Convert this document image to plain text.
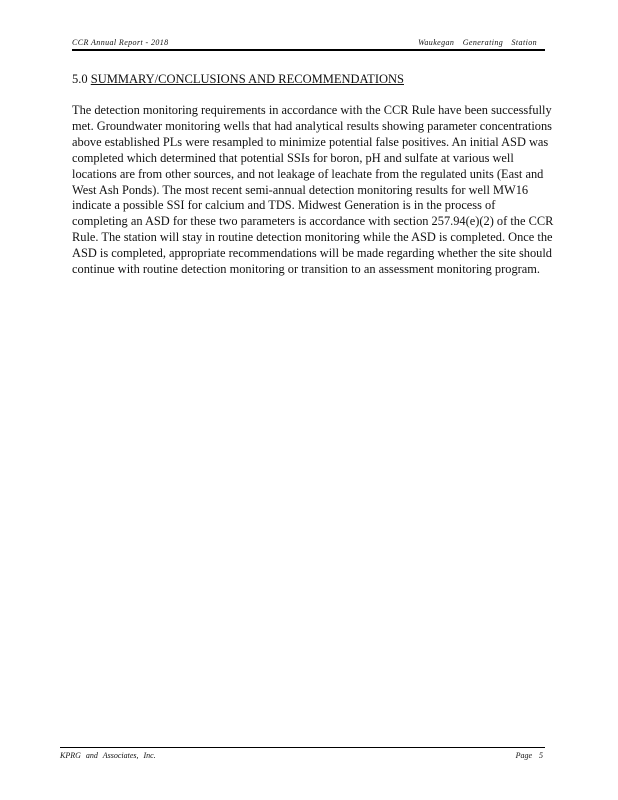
CCR Annual Report - 2018	Waukegan Generating Station
5.0 SUMMARY/CONCLUSIONS AND RECOMMENDATIONS

The detection monitoring requirements in accordance with the CCR Rule have been successfully met. Groundwater monitoring wells that had analytical results showing parameter concentrations above established PLs were resampled to minimize potential false positives. An initial ASD was completed which determined that potential SSIs for boron, pH and sulfate at various well locations are from other sources, and not leakage of leachate from the regulated units (East and West Ash Ponds). The most recent semi-annual detection monitoring results for well MW16 indicate a possible SSI for calcium and TDS. Midwest Generation is in the process of completing an ASD for these two parameters is accordance with section 257.94(e)(2) of the CCR Rule. The station will stay in routine detection monitoring while the ASD is completed. Once the ASD is completed, appropriate recommendations will be made regarding whether the site should continue with routine detection monitoring or transition to an assessment monitoring program.

KPRG and Associates, Inc.	Page 5
